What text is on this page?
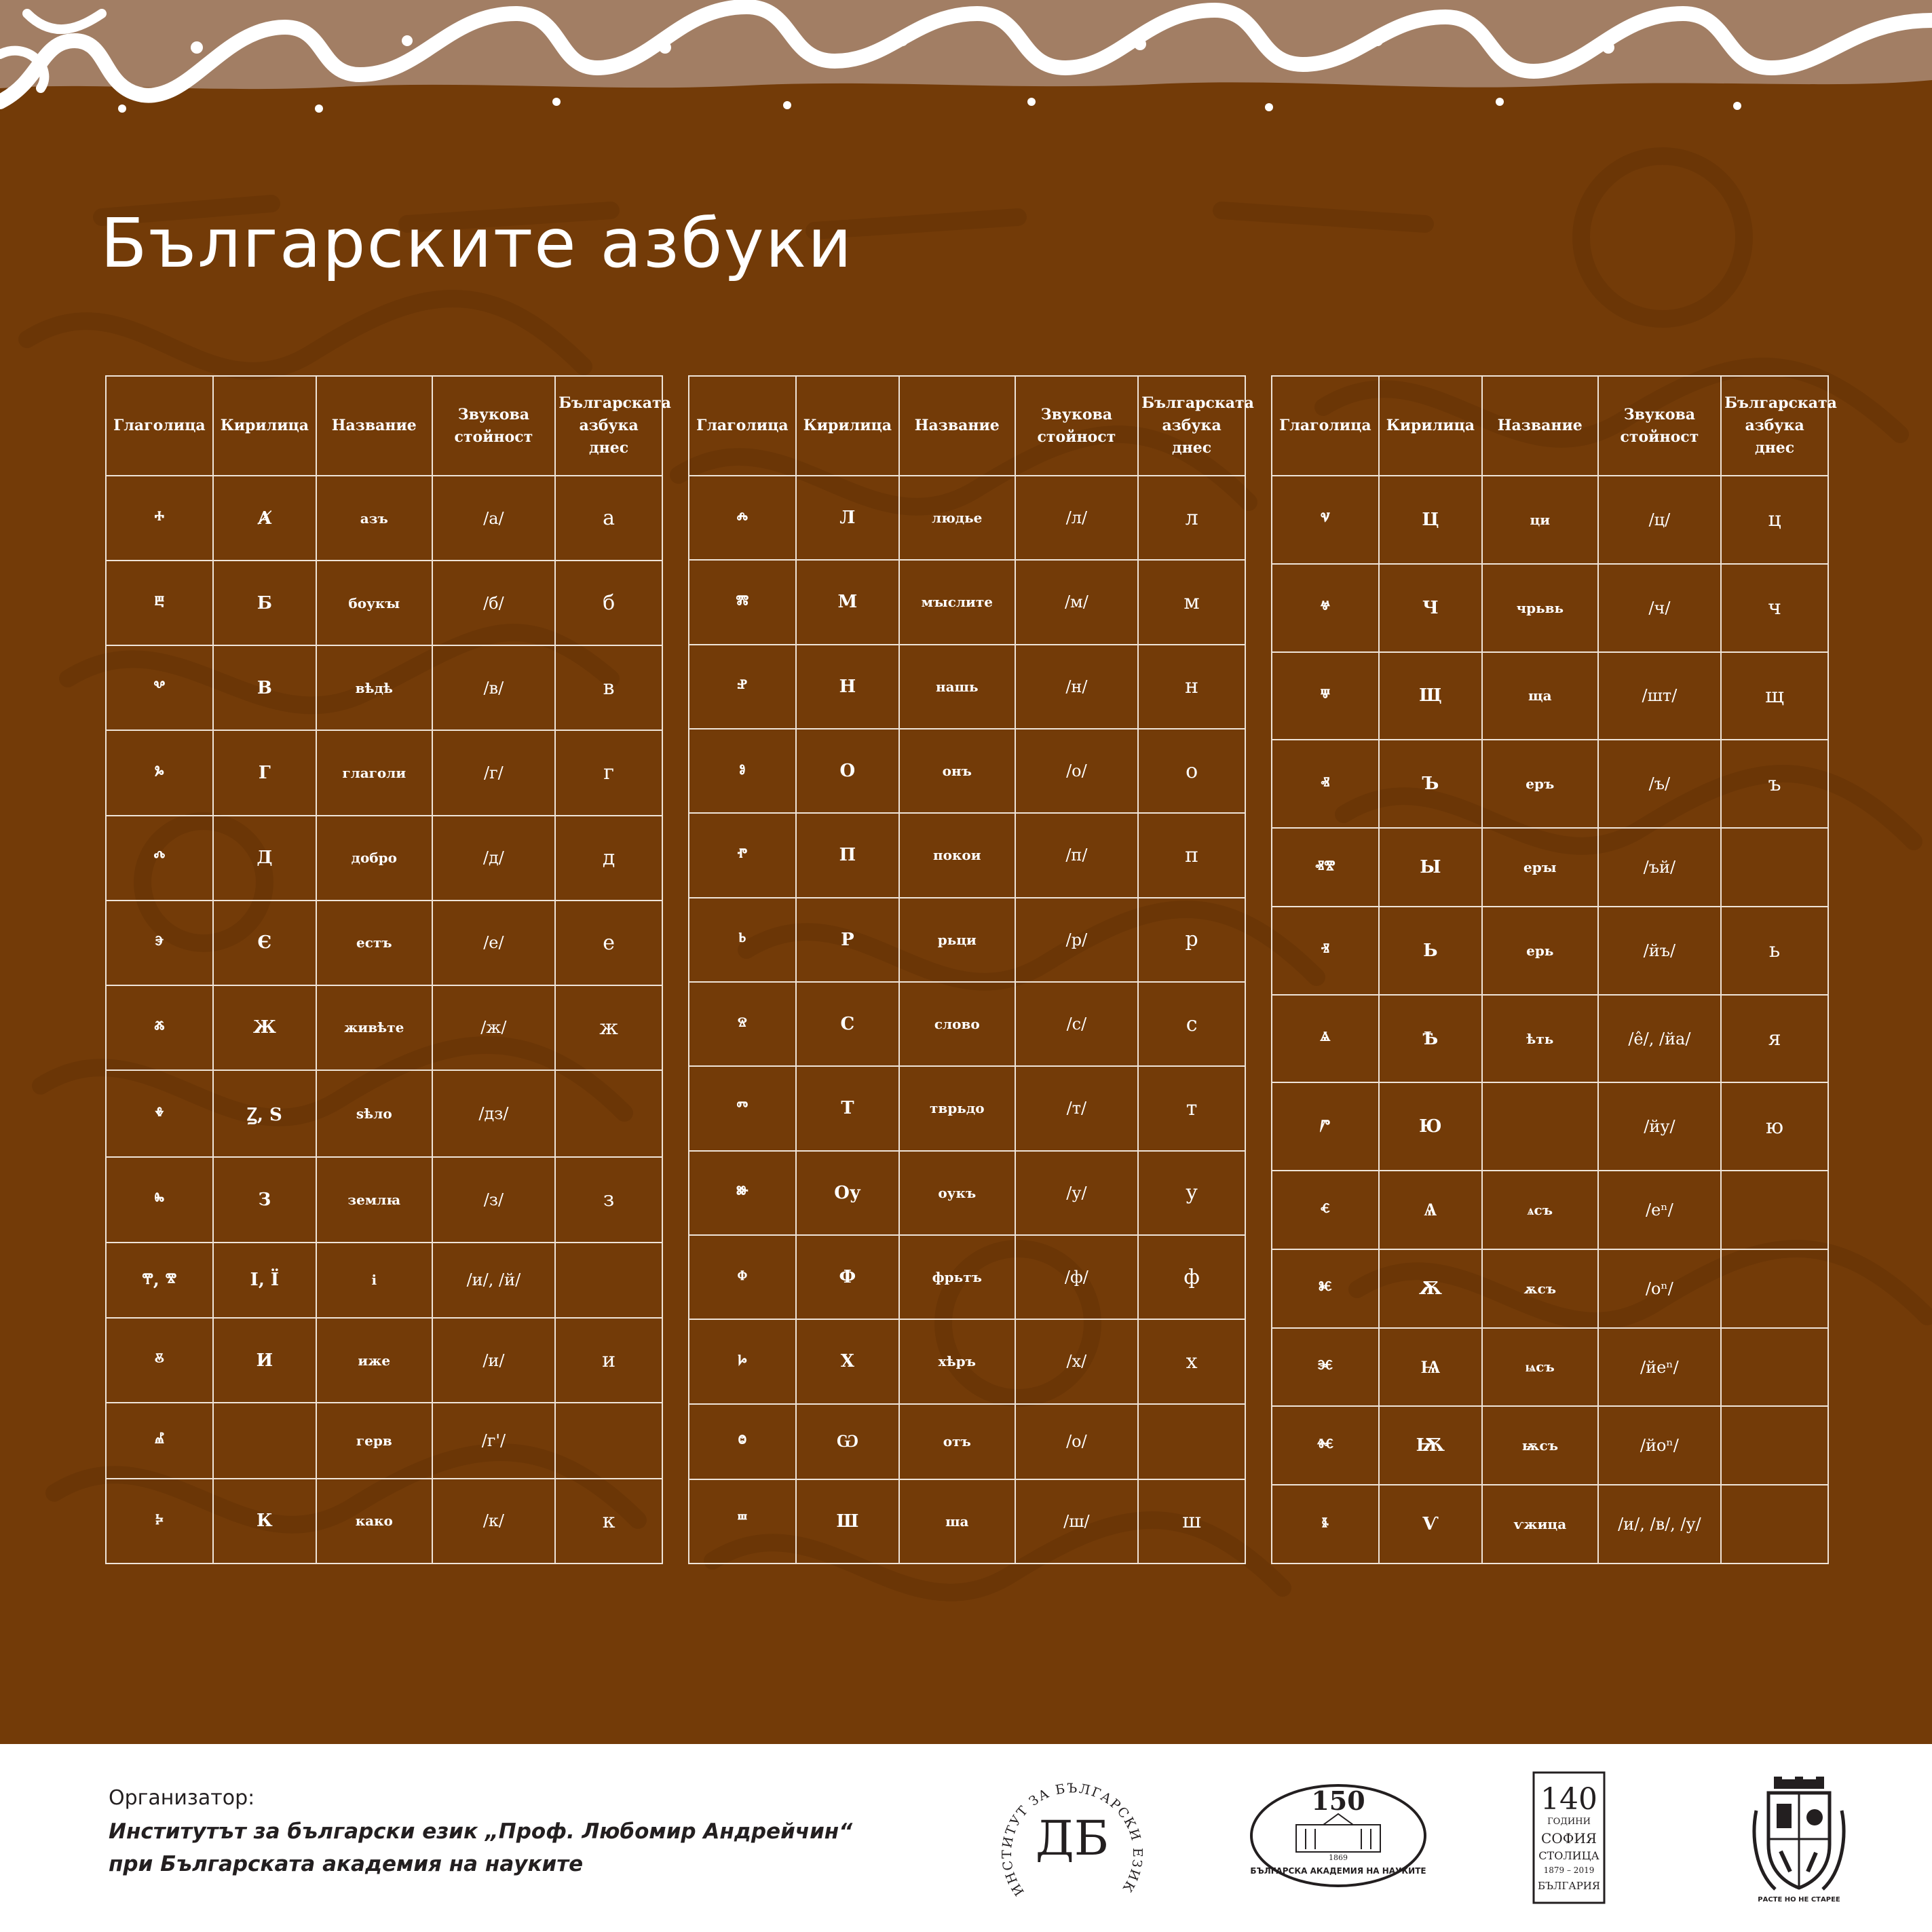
Българските азбуки
Глаголица	Кирилица	Название	Звукова стойност	Българската азбука днес
ⰰ	Ⱥ	азъ	/а/	а
ⰱ	Б	боукꙑ	/б/	б
ⰲ	В	вѣдѣ	/в/	в
ⰳ	Г	глаголи	/г/	г
ⰴ	Д	добро	/д/	д
ⰵ	Є	естъ	/е/	е
ⰶ	Ж	живѣте	/ж/	ж
ⰷ	Ꙁ, Ѕ	ѕѣло	/дз/	
ⰸ	З	землꙗ	/з/	з
ⰹ, ⰺ	І, Ї	і	/и/, /й/	
ⰻ	И	иже	/и/	и
ⰼ		герв	/г'/	
ⰽ	К	како	/к/	к
Глаголица	Кирилица	Название	Звукова стойност	Българската азбука днес
ⰾ	Л	людье	/л/	л
ⰿ	М	мꙑслите	/м/	м
ⱀ	Н	нашь	/н/	н
ⱁ	О	онъ	/о/	о
ⱂ	П	покои	/п/	п
ⱃ	Р	рьци	/р/	р
ⱄ	С	слово	/с/	с
ⱅ	Т	тврьдо	/т/	т
ⱆ	Оу	оукъ	/у/	у
ⱇ	Ф	фрьтъ	/ф/	ф
ⱈ	Х	хѣръ	/х/	х
ⱉ	Ѡ	отъ	/о/	
ⱎ	Ш	ша	/ш/	ш
Глаголица	Кирилица	Название	Звукова стойност	Българската азбука днес
ⱌ	Ц	ци	/ц/	ц
ⱍ	Ч	чрьвь	/ч/	ч
ⱋ	Щ	ща	/шт/	щ
ⱏ	Ъ	еръ	/ъ/	ъ
ⱏⰺ	Ы	ерꙑ	/ъй/	
ⱐ	Ь	ерь	/йъ/	ь
ⱑ	Ѣ	ѣть	/ê/, /йа/	я
ⱓ	Ю		/йу/	ю
ⱔ	Ѧ	ѧсъ	/еⁿ/	
ⱘ	Ѫ	ѫсъ	/оⁿ/	
ⱗ	Ѩ	ѩсъ	/йеⁿ/	
ⱙ	Ѭ	ѭсъ	/йоⁿ/	
ⱛ	Ѵ	ѵжица	/и/, /в/, /у/	
Организатор:
Институтът за български език „Проф. Любомир Андрейчин“
при Българската академия на науките
ИНСТИТУТ ЗА БЪЛГАРСКИ ЕЗИК
ДБ
150
1869
БЪЛГАРСКА АКАДЕМИЯ НА НАУКИТЕ
140
ГОДИНИ
СОФИЯ
СТОЛИЦА
1879 – 2019
БЪЛГАРИЯ
РАСТЕ НО НЕ СТАРЕЕ
